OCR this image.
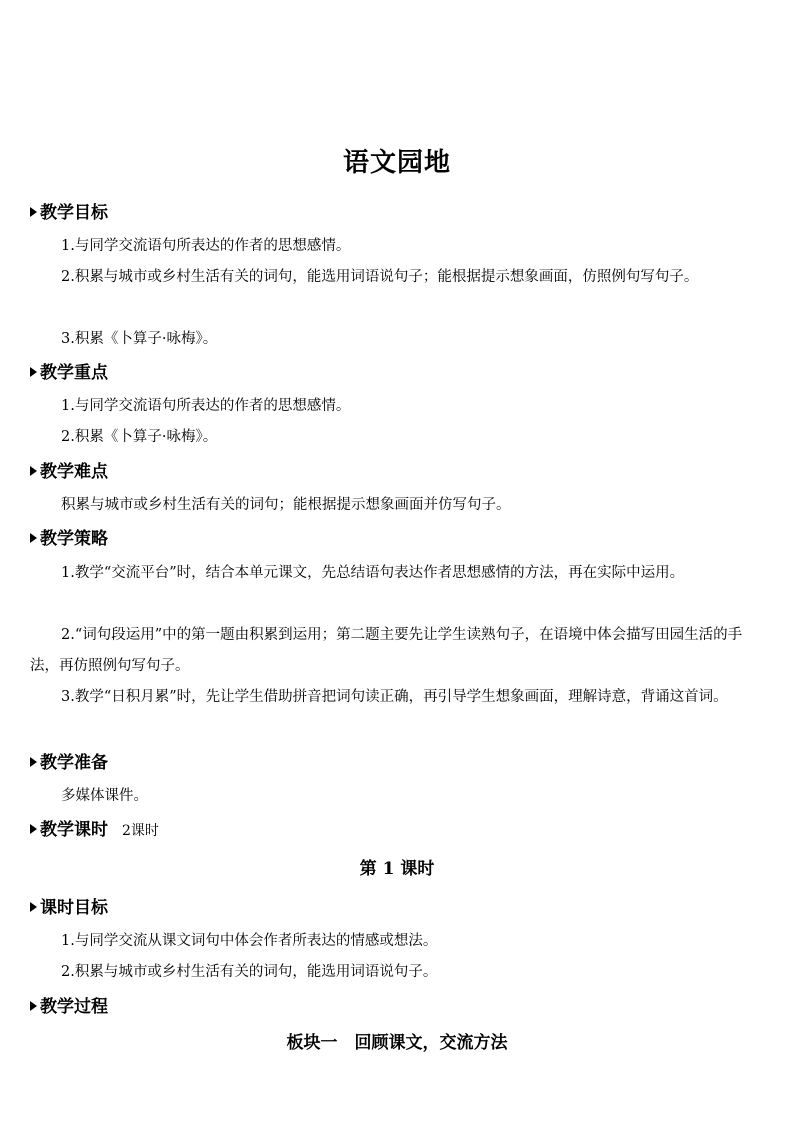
语文园地
教学目标
1.与同学交流语句所表达的作者的思想感情。
2.积累与城市或乡村生活有关的词句，能选用词语说句子；能根据提示想象画面，仿照例句写句子。
3.积累《卜算子·咏梅》。
教学重点
1.与同学交流语句所表达的作者的思想感情。
2.积累《卜算子·咏梅》。
教学难点
积累与城市或乡村生活有关的词句；能根据提示想象画面并仿写句子。
教学策略
1.教学“交流平台”时，结合本单元课文，先总结语句表达作者思想感情的方法，再在实际中运用。
2.“词句段运用”中的第一题由积累到运用；第二题主要先让学生读熟句子，在语境中体会描写田园生活的手法，再仿照例句写句子。
3.教学“日积月累”时，先让学生借助拼音把词句读正确，再引导学生想象画面，理解诗意，背诵这首词。
教学准备
多媒体课件。
教学课时 2课时
第 1 课时
课时目标
1.与同学交流从课文词句中体会作者所表达的情感或想法。
2.积累与城市或乡村生活有关的词句，能选用词语说句子。
教学过程
板块一　回顾课文，交流方法
